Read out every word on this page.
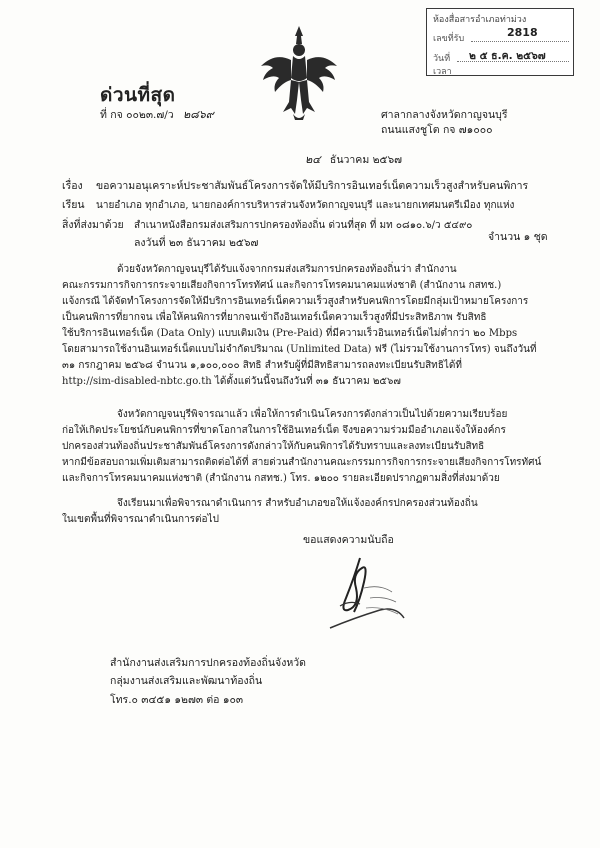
ห้องสื่อสารอำเภอท่าม่วง
เลขที่รับ	2818
วันที่ ๒ ๕ ธ.ค. ๒๕๖๗
เวลา
ด่วนที่สุด
ที่ กจ ๐๐๒๓.๗/ว ๒๘๖๙	ศาลากลางจังหวัดกาญจนบุรี
ถนนแสงชูโต กจ ๗๑๐๐๐
๒๔ ธันวาคม ๒๕๖๗
เรื่อง ขอความอนุเคราะห์ประชาสัมพันธ์โครงการจัดให้มีบริการอินเทอร์เน็ตความเร็วสูงสำหรับคนพิการ
เรียน นายอำเภอ ทุกอำเภอ, นายกองค์การบริหารส่วนจังหวัดกาญจนบุรี และนายกเทศมนตรีเมือง ทุกแห่ง
สิ่งที่ส่งมาด้วย สำเนาหนังสือกรมส่งเสริมการปกครองท้องถิ่น ด่วนที่สุด ที่ มท ๐๘๑๐.๖/ว ๕๔๙๐
ลงวันที่ ๒๓ ธันวาคม ๒๕๖๗	จำนวน ๑ ชุด
ด้วยจังหวัดกาญจนบุรีได้รับแจ้งจากกรมส่งเสริมการปกครองท้องถิ่นว่า สำนักงาน
คณะกรรมการกิจการกระจายเสียงกิจการโทรทัศน์ และกิจการโทรคมนาคมแห่งชาติ (สำนักงาน กสทช.)
แจ้งกรณี ได้จัดทำโครงการจัดให้มีบริการอินเทอร์เน็ตความเร็วสูงสำหรับคนพิการโดยมีกลุ่มเป้าหมายโครงการ
เป็นคนพิการที่ยากจน เพื่อให้คนพิการที่ยากจนเข้าถึงอินเทอร์เน็ตความเร็วสูงที่มีประสิทธิภาพ รับสิทธิ
ใช้บริการอินเทอร์เน็ต (Data Only) แบบเติมเงิน (Pre-Paid) ที่มีความเร็วอินเทอร์เน็ตไม่ต่ำกว่า ๒๐ Mbps
โดยสามารถใช้งานอินเทอร์เน็ตแบบไม่จำกัดปริมาณ (Unlimited Data) ฟรี (ไม่รวมใช้งานการโทร) จนถึงวันที่
๓๑ กรกฎาคม ๒๕๖๘ จำนวน ๑,๑๐๐,๐๐๐ สิทธิ สำหรับผู้ที่มีสิทธิสามารถลงทะเบียนรับสิทธิได้ที่
http://sim-disabled-nbtc.go.th ได้ตั้งแต่วันนี้จนถึงวันที่ ๓๑ ธันวาคม ๒๕๖๗
จังหวัดกาญจนบุรีพิจารณาแล้ว เพื่อให้การดำเนินโครงการดังกล่าวเป็นไปด้วยความเรียบร้อย
ก่อให้เกิดประโยชน์กับคนพิการที่ขาดโอกาสในการใช้อินเทอร์เน็ต จึงขอความร่วมมืออำเภอแจ้งให้องค์กร
ปกครองส่วนท้องถิ่นประชาสัมพันธ์โครงการดังกล่าวให้กับคนพิการได้รับทราบและลงทะเบียนรับสิทธิ
หากมีข้อสอบถามเพิ่มเติมสามารถติดต่อได้ที่ สายด่วนสำนักงานคณะกรรมการกิจการกระจายเสียงกิจการโทรทัศน์
และกิจการโทรคมนาคมแห่งชาติ (สำนักงาน กสทช.) โทร. ๑๒๐๐ รายละเอียดปรากฏตามสิ่งที่ส่งมาด้วย
จึงเรียนมาเพื่อพิจารณาดำเนินการ สำหรับอำเภอขอให้แจ้งองค์กรปกครองส่วนท้องถิ่น
ในเขตพื้นที่พิจารณาดำเนินการต่อไป
ขอแสดงความนับถือ
สำนักงานส่งเสริมการปกครองท้องถิ่นจังหวัด
กลุ่มงานส่งเสริมและพัฒนาท้องถิ่น
โทร.๐ ๓๔๕๑ ๑๒๗๓ ต่อ ๑๐๓
